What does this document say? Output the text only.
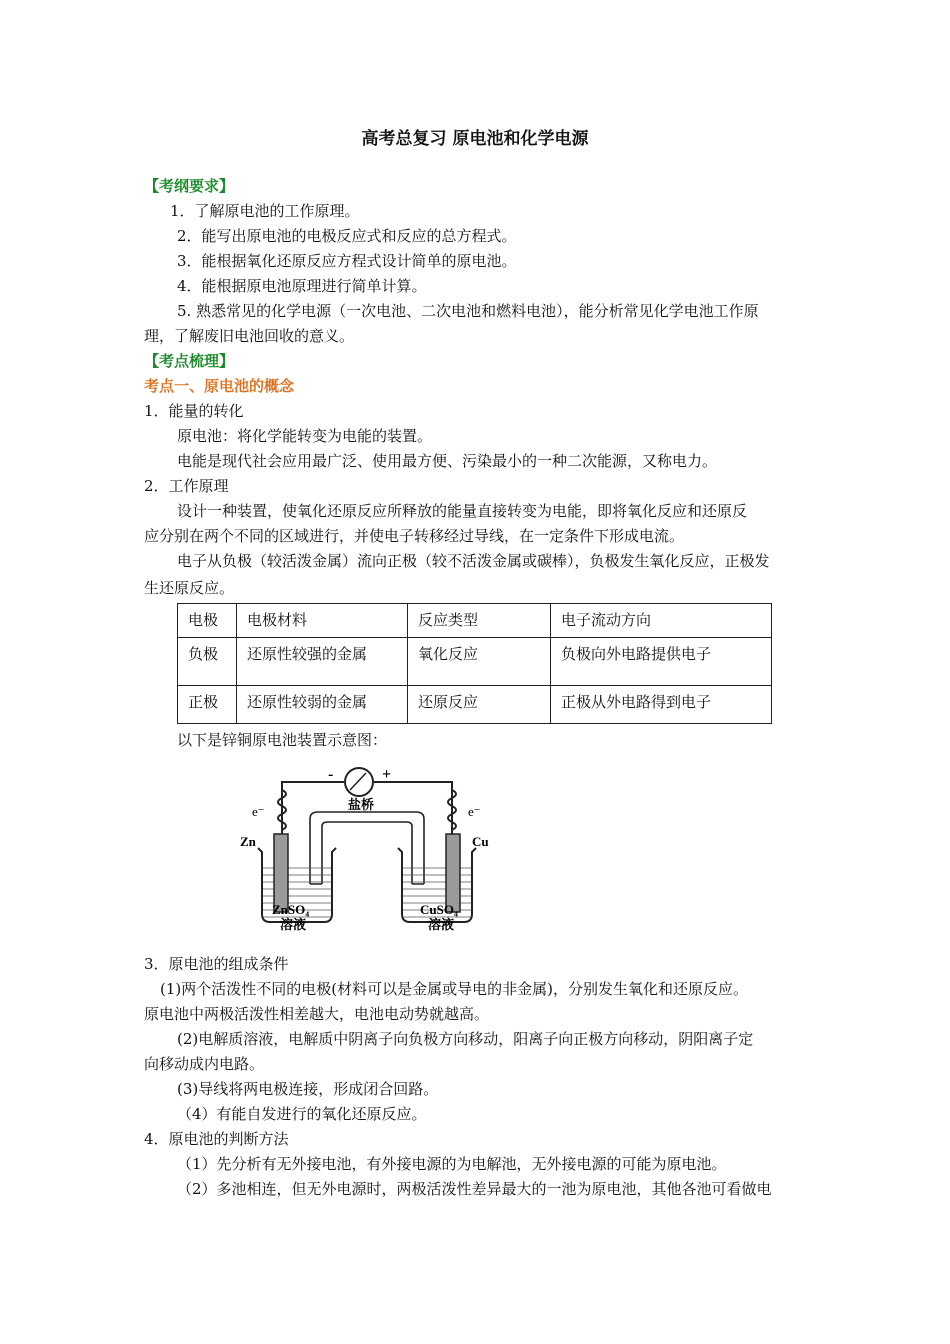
高考总复习 原电池和化学电源
【考纲要求】
1．了解原电池的工作原理。
2．能写出原电池的电极反应式和反应的总方程式。
3．能根据氧化还原反应方程式设计简单的原电池。
4．能根据原电池原理进行简单计算。
5. 熟悉常见的化学电源（一次电池、二次电池和燃料电池），能分析常见化学电池工作原
理，了解废旧电池回收的意义。
【考点梳理】
考点一、原电池的概念
1．能量的转化
原电池：将化学能转变为电能的装置。
电能是现代社会应用最广泛、使用最方便、污染最小的一种二次能源，又称电力。
2．工作原理
设计一种装置，使氧化还原反应所释放的能量直接转变为电能，即将氧化反应和还原反
应分别在两个不同的区域进行，并使电子转移经过导线，在一定条件下形成电流。
电子从负极（较活泼金属）流向正极（较不活泼金属或碳棒），负极发生氧化反应，正极发
生还原反应。
电极	电极材料	反应类型	电子流动方向
负极	还原性较强的金属	氧化反应	负极向外电路提供电子
正极	还原性较弱的金属	还原反应	正极从外电路得到电子
以下是锌铜原电池装置示意图：
-	+
盐桥
e⁻	e⁻
Zn	Cu
ZnSO₄
溶液
CuSO₄
溶液
3．原电池的组成条件
(1)两个活泼性不同的电极(材料可以是金属或导电的非金属)，分别发生氧化和还原反应。
原电池中两极活泼性相差越大，电池电动势就越高。
(2)电解质溶液，电解质中阴离子向负极方向移动，阳离子向正极方向移动，阴阳离子定
向移动成内电路。
(3)导线将两电极连接，形成闭合回路。
（4）有能自发进行的氧化还原反应。
4．原电池的判断方法
（1）先分析有无外接电池，有外接电源的为电解池，无外接电源的可能为原电池。
（2）多池相连，但无外电源时，两极活泼性差异最大的一池为原电池，其他各池可看做电
